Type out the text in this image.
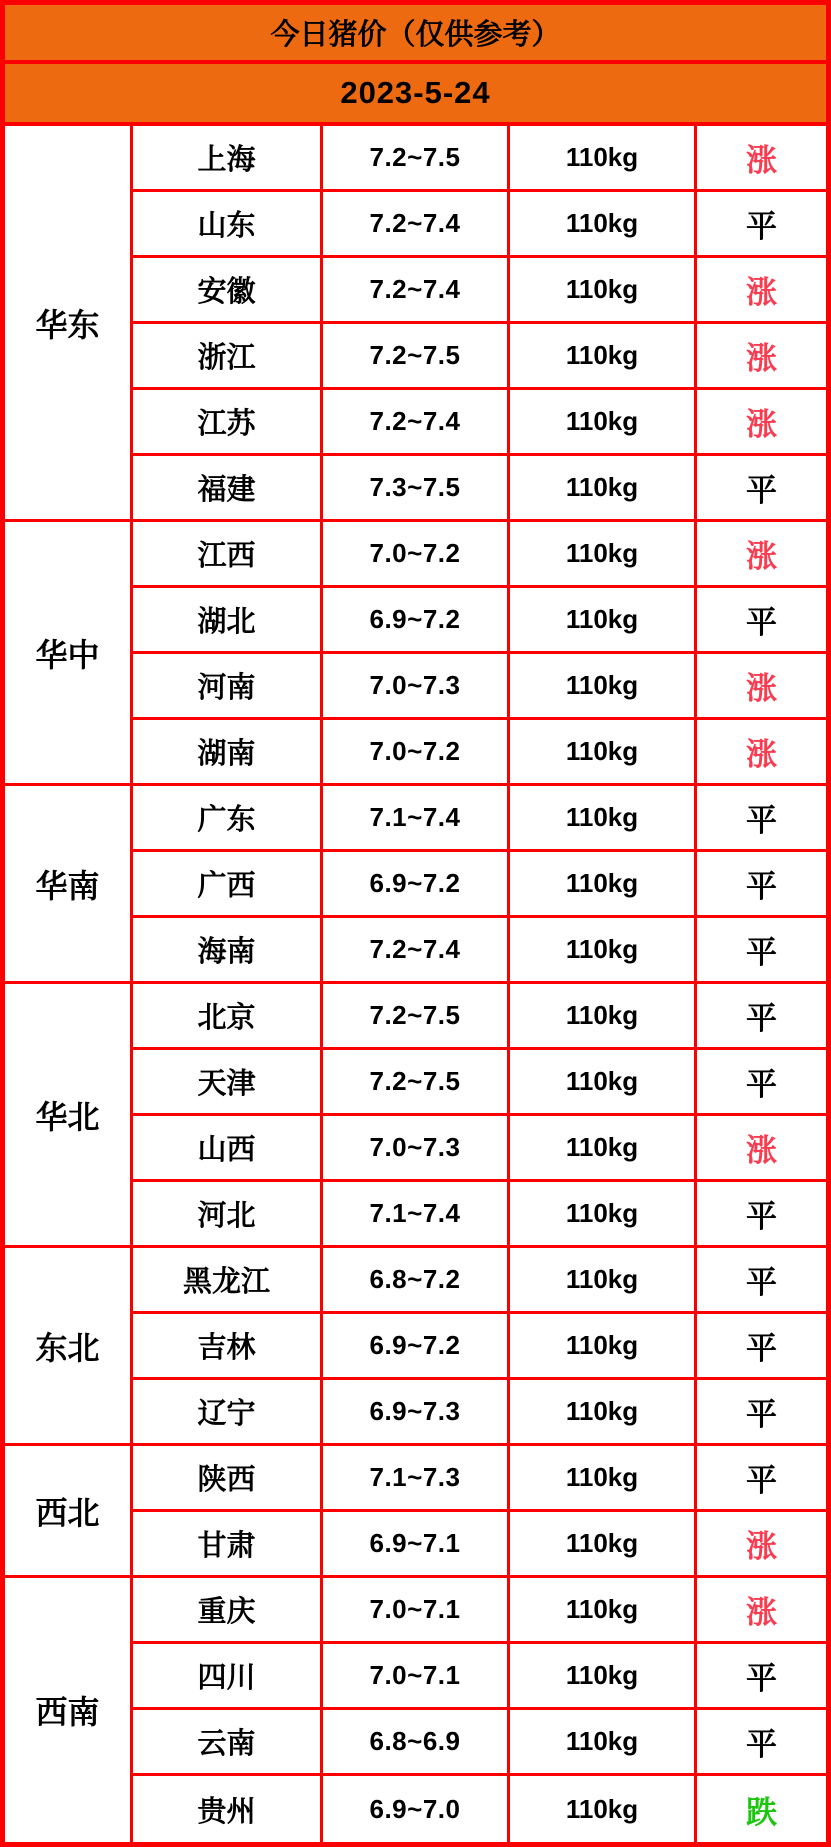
今日猪价（仅供参考）
2023-5-24
华东
上海	7.2~7.5	110kg	涨
山东	7.2~7.4	110kg	平
安徽	7.2~7.4	110kg	涨
浙江	7.2~7.5	110kg	涨
江苏	7.2~7.4	110kg	涨
福建	7.3~7.5	110kg	平
华中
江西	7.0~7.2	110kg	涨
湖北	6.9~7.2	110kg	平
河南	7.0~7.3	110kg	涨
湖南	7.0~7.2	110kg	涨
华南
广东	7.1~7.4	110kg	平
广西	6.9~7.2	110kg	平
海南	7.2~7.4	110kg	平
华北
北京	7.2~7.5	110kg	平
天津	7.2~7.5	110kg	平
山西	7.0~7.3	110kg	涨
河北	7.1~7.4	110kg	平
东北
黑龙江	6.8~7.2	110kg	平
吉林	6.9~7.2	110kg	平
辽宁	6.9~7.3	110kg	平
西北
陕西	7.1~7.3	110kg	平
甘肃	6.9~7.1	110kg	涨
西南
重庆	7.0~7.1	110kg	涨
四川	7.0~7.1	110kg	平
云南	6.8~6.9	110kg	平
贵州	6.9~7.0	110kg	跌
